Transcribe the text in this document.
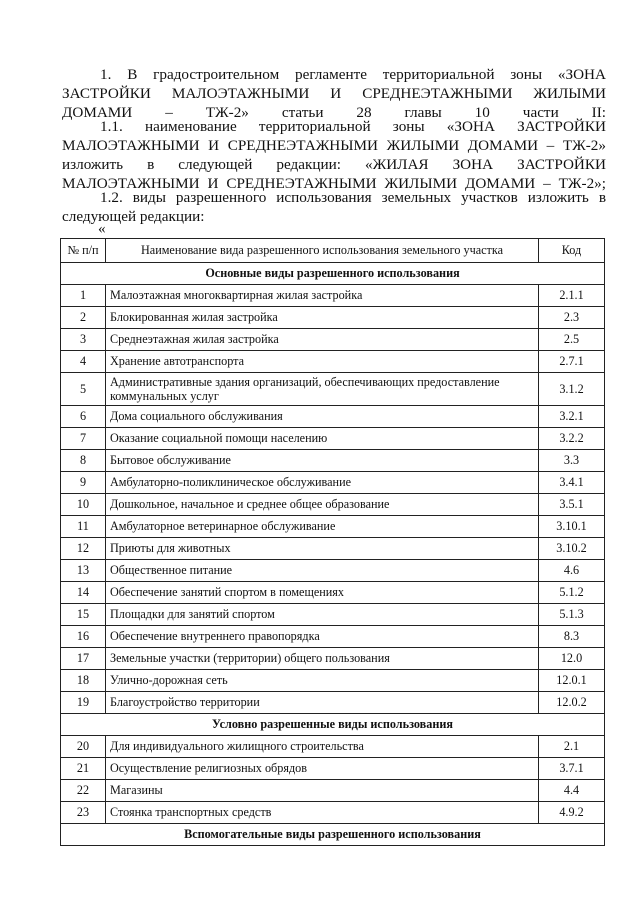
1. В градостроительном регламенте территориальной зоны «ЗОНА ЗАСТРОЙКИ МАЛОЭТАЖНЫМИ И СРЕДНЕЭТАЖНЫМИ ЖИЛЫМИ ДОМАМИ – ТЖ-2» статьи 28 главы 10 части II:
1.1. наименование территориальной зоны «ЗОНА ЗАСТРОЙКИ МАЛОЭТАЖНЫМИ И СРЕДНЕЭТАЖНЫМИ ЖИЛЫМИ ДОМАМИ – ТЖ-2» изложить в следующей редакции: «ЖИЛАЯ ЗОНА ЗАСТРОЙКИ МАЛОЭТАЖНЫМИ И СРЕДНЕЭТАЖНЫМИ ЖИЛЫМИ ДОМАМИ – ТЖ-2»;
1.2. виды разрешенного использования земельных участков изложить в следующей редакции:
«
№ п/п	Наименование вида разрешенного использования земельного участка	Код
Основные виды разрешенного использования		
1	Малоэтажная многоквартирная жилая застройка	2.1.1
2	Блокированная жилая застройка	2.3
3	Среднеэтажная жилая застройка	2.5
4	Хранение автотранспорта	2.7.1
5	Административные здания организаций, обеспечивающих предоставление коммунальных услуг	3.1.2
6	Дома социального обслуживания	3.2.1
7	Оказание социальной помощи населению	3.2.2
8	Бытовое обслуживание	3.3
9	Амбулаторно-поликлиническое обслуживание	3.4.1
10	Дошкольное, начальное и среднее общее образование	3.5.1
11	Амбулаторное ветеринарное обслуживание	3.10.1
12	Приюты для животных	3.10.2
13	Общественное питание	4.6
14	Обеспечение занятий спортом в помещениях	5.1.2
15	Площадки для занятий спортом	5.1.3
16	Обеспечение внутреннего правопорядка	8.3
17	Земельные участки (территории) общего пользования	12.0
18	Улично-дорожная сеть	12.0.1
19	Благоустройство территории	12.0.2
Условно разрешенные виды использования		
20	Для индивидуального жилищного строительства	2.1
21	Осуществление религиозных обрядов	3.7.1
22	Магазины	4.4
23	Стоянка транспортных средств	4.9.2
Вспомогательные виды разрешенного использования		
